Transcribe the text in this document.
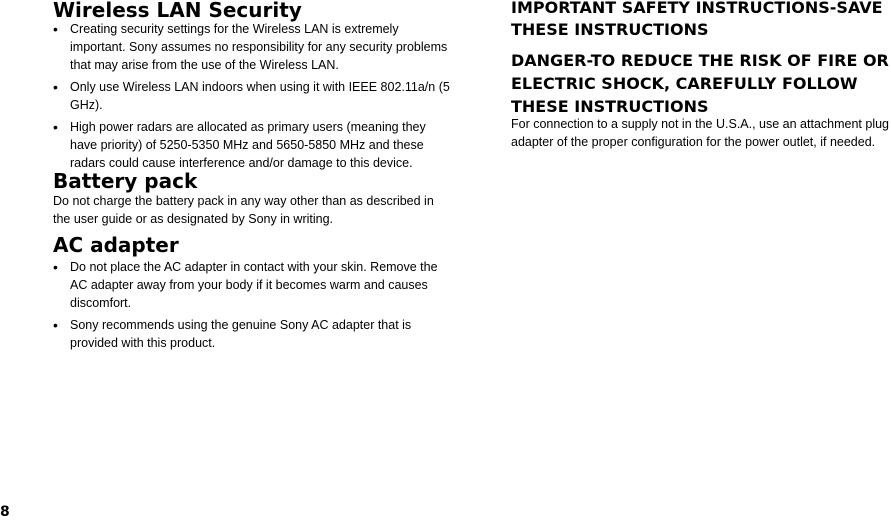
Wireless LAN Security
• Creating security settings for the Wireless LAN is extremely important. Sony assumes no responsibility for any security problems that may arise from the use of the Wireless LAN.
• Only use Wireless LAN indoors when using it with IEEE 802.11a/n (5 GHz).
• High power radars are allocated as primary users (meaning they have priority) of 5250-5350 MHz and 5650-5850 MHz and these radars could cause interference and/or damage to this device.
Battery pack

Do not charge the battery pack in any way other than as described in the user guide or as designated by Sony in writing.

AC adapter
• Do not place the AC adapter in contact with your skin. Remove the AC adapter away from your body if it becomes warm and causes discomfort.
• Sony recommends using the genuine Sony AC adapter that is provided with this product.
IMPORTANT SAFETY INSTRUCTIONS-SAVE THESE INSTRUCTIONS
DANGER-TO REDUCE THE RISK OF FIRE OR ELECTRIC SHOCK, CAREFULLY FOLLOW THESE INSTRUCTIONS

For connection to a supply not in the U.S.A., use an attachment plug adapter of the proper configuration for the power outlet, if needed.

8
